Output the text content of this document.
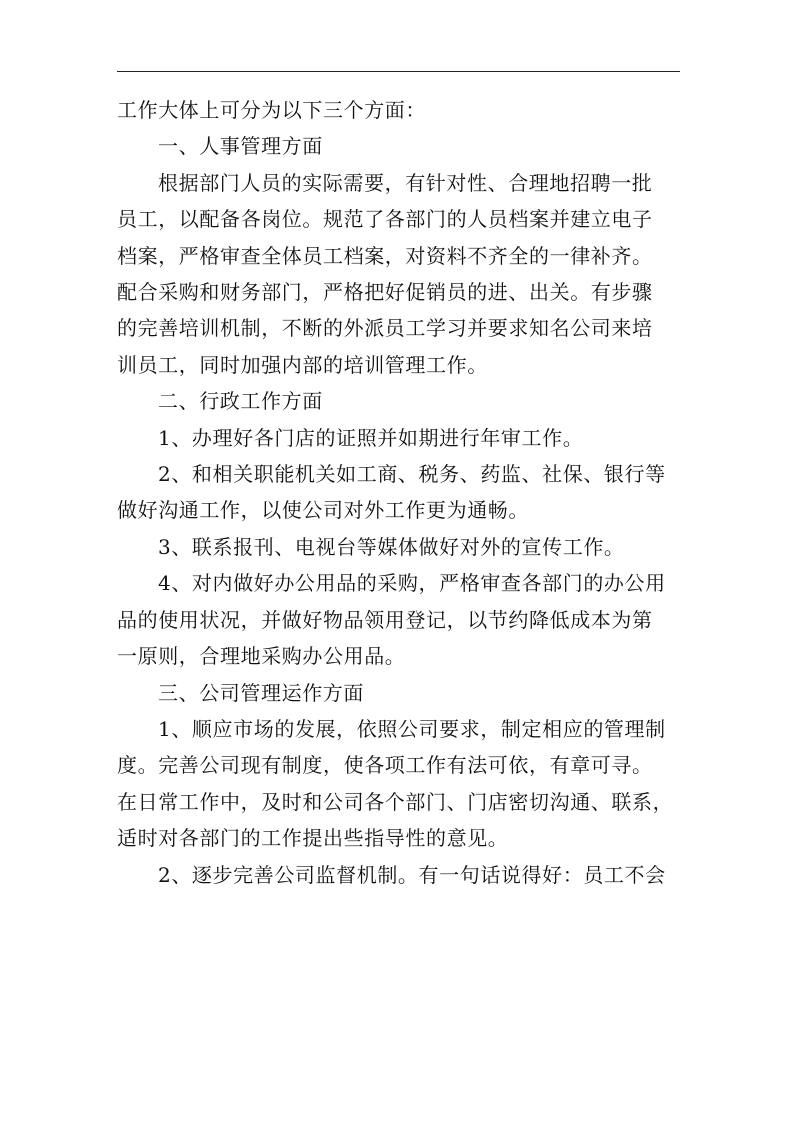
工作大体上可分为以下三个方面：
一、人事管理方面
根据部门人员的实际需要，有针对性、合理地招聘一批
员工，以配备各岗位。规范了各部门的人员档案并建立电子
档案，严格审查全体员工档案，对资料不齐全的一律补齐。
配合采购和财务部门，严格把好促销员的进、出关。有步骤
的完善培训机制，不断的外派员工学习并要求知名公司来培
训员工，同时加强内部的培训管理工作。
二、行政工作方面
1、办理好各门店的证照并如期进行年审工作。
2、和相关职能机关如工商、税务、药监、社保、银行等
做好沟通工作，以使公司对外工作更为通畅。
3、联系报刊、电视台等媒体做好对外的宣传工作。
4、对内做好办公用品的采购，严格审查各部门的办公用
品的使用状况，并做好物品领用登记，以节约降低成本为第
一原则，合理地采购办公用品。
三、公司管理运作方面
1、顺应市场的发展，依照公司要求，制定相应的管理制
度。完善公司现有制度，使各项工作有法可依，有章可寻。
在日常工作中，及时和公司各个部门、门店密切沟通、联系，
适时对各部门的工作提出些指导性的意见。
2、逐步完善公司监督机制。有一句话说得好：员工不会
